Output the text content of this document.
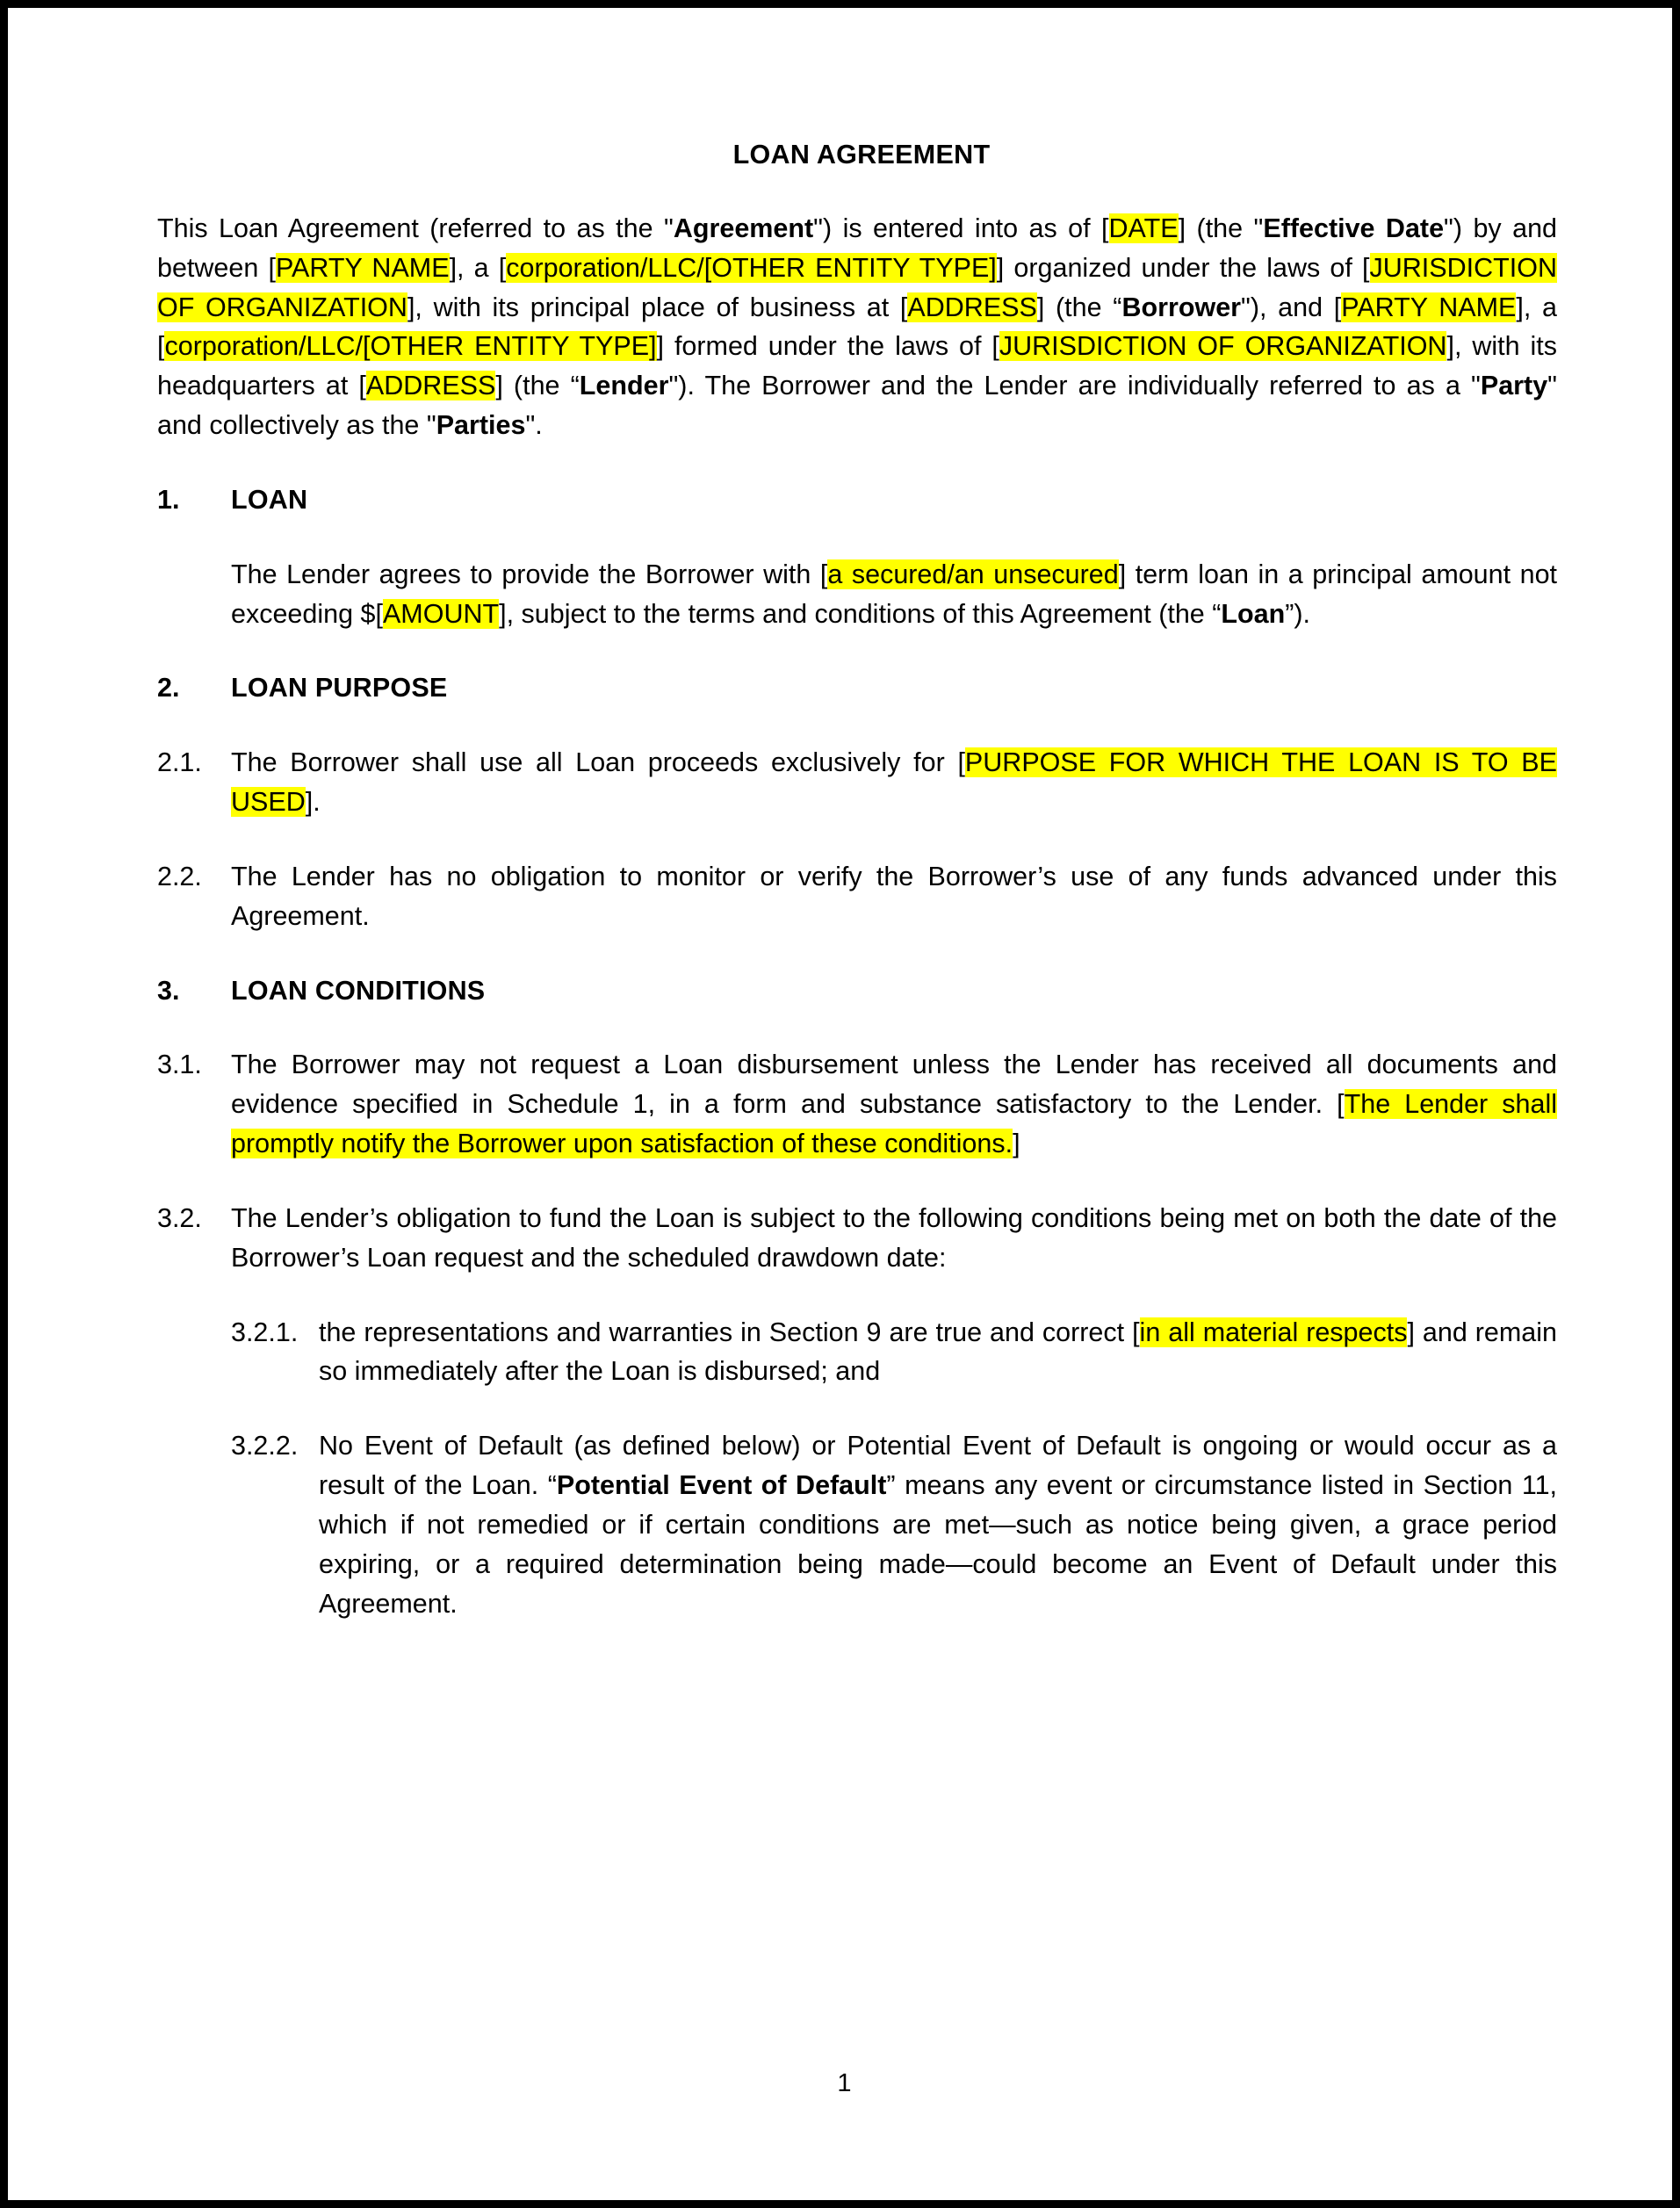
LOAN AGREEMENT

This Loan Agreement (referred to as the "Agreement") is entered into as of [DATE] (the "Effective Date") by and between [PARTY NAME], a [corporation/LLC/[OTHER ENTITY TYPE]] organized under the laws of [JURISDICTION OF ORGANIZATION], with its principal place of business at [ADDRESS] (the “Borrower"), and [PARTY NAME], a [corporation/LLC/[OTHER ENTITY TYPE]] formed under the laws of [JURISDICTION OF ORGANIZATION], with its headquarters at [ADDRESS] (the “Lender"). The Borrower and the Lender are individually referred to as a "Party" and collectively as the "Parties".

1.	LOAN

The Lender agrees to provide the Borrower with [a secured/an unsecured] term loan in a principal amount not exceeding $[AMOUNT], subject to the terms and conditions of this Agreement (the “Loan”).

2.	LOAN PURPOSE
2.1.	The Borrower shall use all Loan proceeds exclusively for [PURPOSE FOR WHICH THE LOAN IS TO BE USED].

2.2.	The Lender has no obligation to monitor or verify the Borrower’s use of any funds advanced under this Agreement.

3.	LOAN CONDITIONS
3.1.	The Borrower may not request a Loan disbursement unless the Lender has received all documents and evidence specified in Schedule 1, in a form and substance satisfactory to the Lender. [The Lender shall promptly notify the Borrower upon satisfaction of these conditions.]

3.2.	The Lender’s obligation to fund the Loan is subject to the following conditions being met on both the date of the Borrower’s Loan request and the scheduled drawdown date:

3.2.1. the representations and warranties in Section 9 are true and correct [in all material respects] and remain so immediately after the Loan is disbursed; and

3.2.2. No Event of Default (as defined below) or Potential Event of Default is ongoing or would occur as a result of the Loan. “Potential Event of Default” means any event or circumstance listed in Section 11, which if not remedied or if certain conditions are met—such as notice being given, a grace period expiring, or a required determination being made—could become an Event of Default under this Agreement.

1
